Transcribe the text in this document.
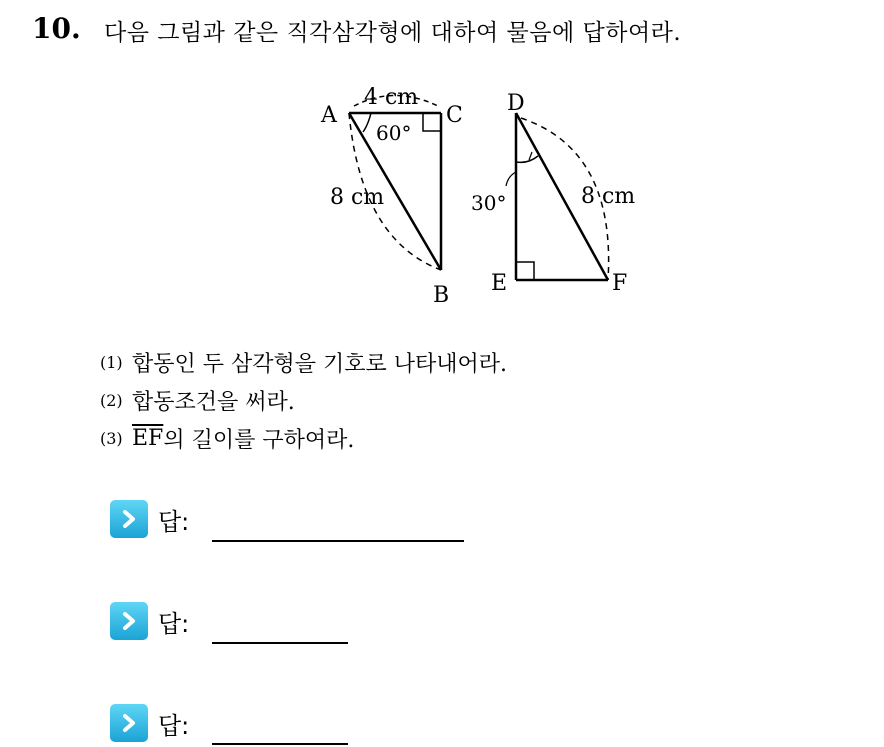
10. 다음 그림과 같은 직각삼각형에 대하여 물음에 답하여라.
A	C
B
D
E	F
4 cm
60°
8 cm	30°	8 cm
(1) 합동인 두 삼각형을 기호로 나타내어라.
(2) 합동조건을 써라.
(3) $\overline{EF}$ 의 길이를 구하여라.
답:
답:
답:
